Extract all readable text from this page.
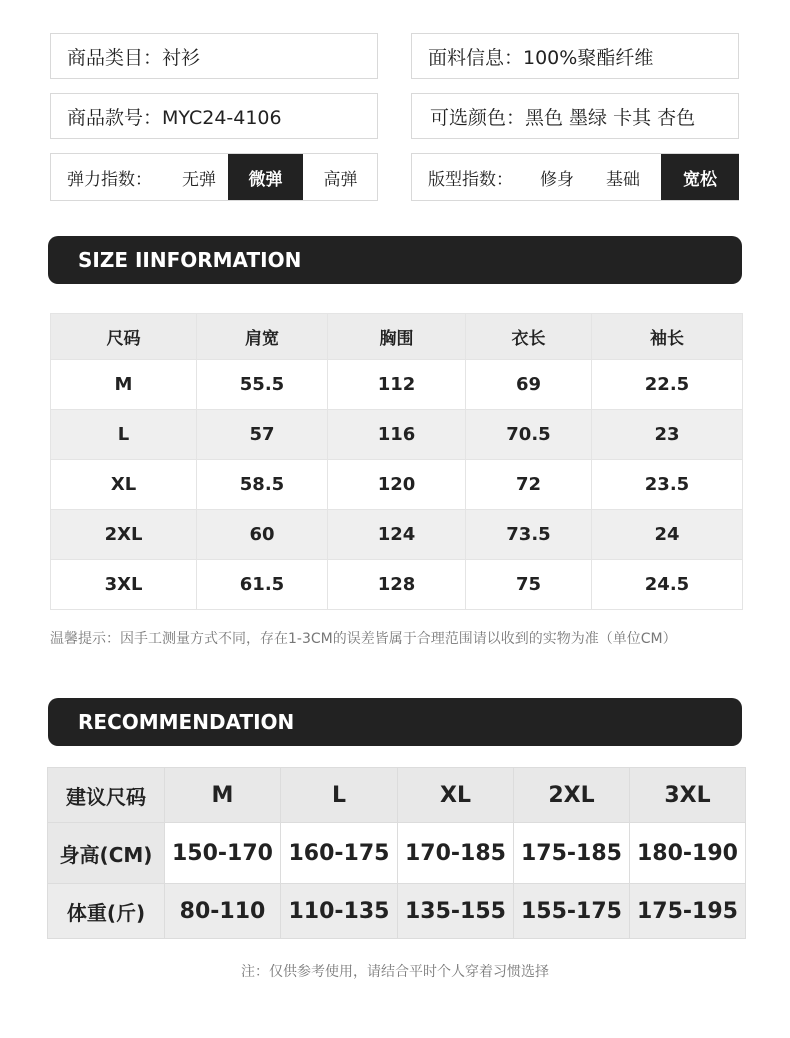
商品类目：衬衫	面料信息：100%聚酯纤维
商品款号：MYC24-4106	可选颜色：黑色 墨绿 卡其 杏色
弹力指数：	无弹	微弹	高弹	版型指数：	修身	基础	宽松
SIZE IINFORMATION
尺码	肩宽	胸围	衣长	袖长
M	55.5	112	69	22.5
L	57	116	70.5	23
XL	58.5	120	72	23.5
2XL	60	124	73.5	24
3XL	61.5	128	75	24.5
温馨提示：因手工测量方式不同，存在1-3CM的误差皆属于合理范围请以收到的实物为准（单位CM）
RECOMMENDATION
建议尺码	M	L	XL	2XL	3XL
身高(CM)	150-170	160-175	170-185	175-185	180-190
体重(斤)	80-110	110-135	135-155	155-175	175-195
注：仅供参考使用，请结合平时个人穿着习惯选择
